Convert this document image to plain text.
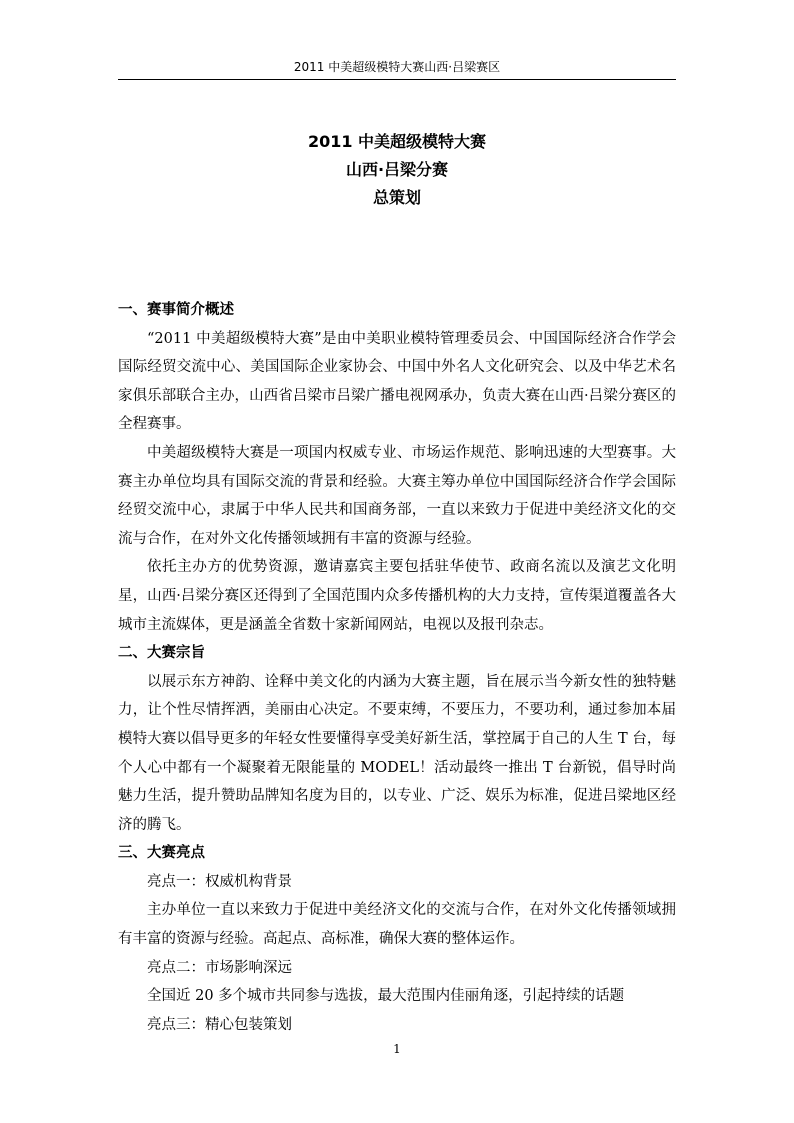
2011 中美超级模特大赛山西·吕梁赛区
2011 中美超级模特大赛
山西·吕梁分赛
总策划
一、赛事简介概述

“2011 中美超级模特大赛”是由中美职业模特管理委员会、中国国际经济合作学会国际经贸交流中心、美国国际企业家协会、中国中外名人文化研究会、以及中华艺术名家俱乐部联合主办，山西省吕梁市吕梁广播电视网承办，负责大赛在山西·吕梁分赛区的全程赛事。

中美超级模特大赛是一项国内权威专业、市场运作规范、影响迅速的大型赛事。大赛主办单位均具有国际交流的背景和经验。大赛主筹办单位中国国际经济合作学会国际经贸交流中心，隶属于中华人民共和国商务部，一直以来致力于促进中美经济文化的交流与合作，在对外文化传播领域拥有丰富的资源与经验。

依托主办方的优势资源，邀请嘉宾主要包括驻华使节、政商名流以及演艺文化明星，山西·吕梁分赛区还得到了全国范围内众多传播机构的大力支持，宣传渠道覆盖各大城市主流媒体，更是涵盖全省数十家新闻网站，电视以及报刊杂志。

二、大赛宗旨

以展示东方神韵、诠释中美文化的内涵为大赛主题，旨在展示当今新女性的独特魅力，让个性尽情挥洒，美丽由心决定。不要束缚，不要压力，不要功利，通过参加本届模特大赛以倡导更多的年轻女性要懂得享受美好新生活，掌控属于自己的人生 T 台，每个人心中都有一个凝聚着无限能量的 MODEL！活动最终一推出 T 台新锐，倡导时尚魅力生活，提升赞助品牌知名度为目的，以专业、广泛、娱乐为标准，促进吕梁地区经济的腾飞。

三、大赛亮点

亮点一：权威机构背景

主办单位一直以来致力于促进中美经济文化的交流与合作，在对外文化传播领域拥有丰富的资源与经验。高起点、高标准，确保大赛的整体运作。

亮点二：市场影响深远

全国近 20 多个城市共同参与选拔，最大范围内佳丽角逐，引起持续的话题

亮点三：精心包装策划

1
